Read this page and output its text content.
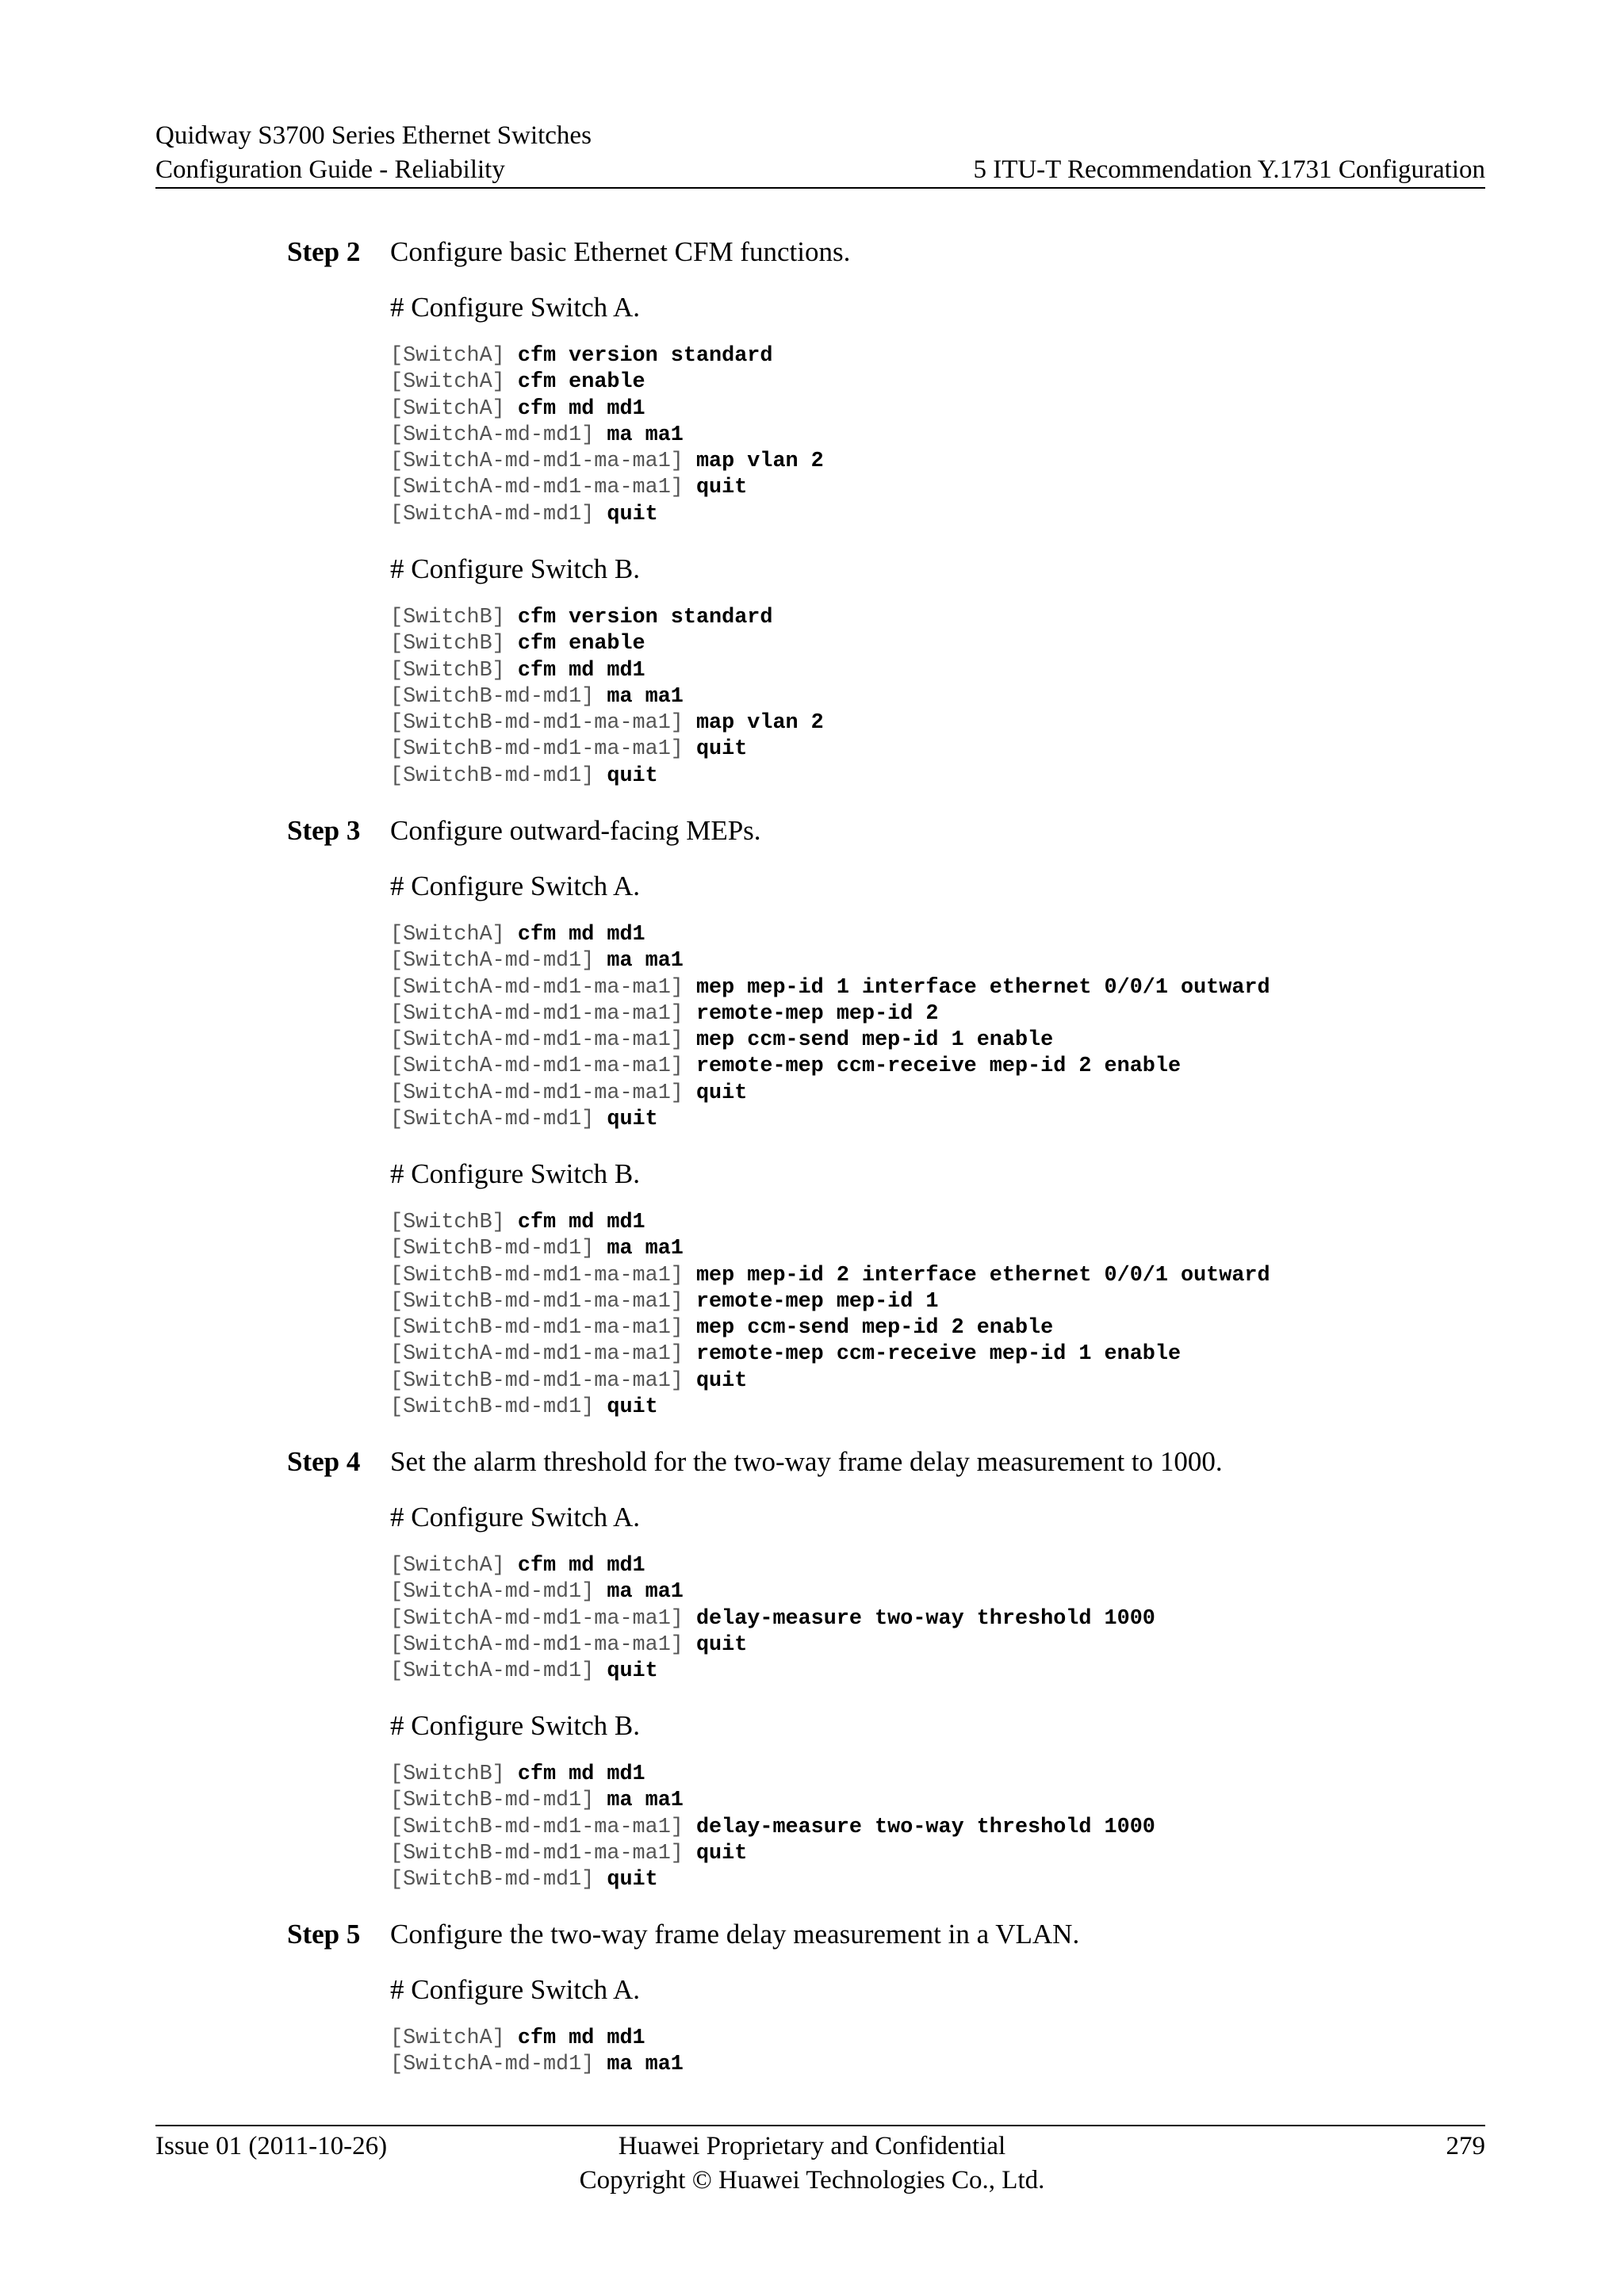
Quidway S3700 Series Ethernet Switches
Configuration Guide - Reliability	5 ITU-T Recommendation Y.1731 Configuration
Step 2 Configure basic Ethernet CFM functions.
# Configure Switch A.
[SwitchA] cfm version standard
[SwitchA] cfm enable
[SwitchA] cfm md md1
[SwitchA-md-md1] ma ma1
[SwitchA-md-md1-ma-ma1] map vlan 2
[SwitchA-md-md1-ma-ma1] quit
[SwitchA-md-md1] quit
# Configure Switch B.
[SwitchB] cfm version standard
[SwitchB] cfm enable
[SwitchB] cfm md md1
[SwitchB-md-md1] ma ma1
[SwitchB-md-md1-ma-ma1] map vlan 2
[SwitchB-md-md1-ma-ma1] quit
[SwitchB-md-md1] quit
Step 3 Configure outward-facing MEPs.
# Configure Switch A.
[SwitchA] cfm md md1
[SwitchA-md-md1] ma ma1
[SwitchA-md-md1-ma-ma1] mep mep-id 1 interface ethernet 0/0/1 outward
[SwitchA-md-md1-ma-ma1] remote-mep mep-id 2
[SwitchA-md-md1-ma-ma1] mep ccm-send mep-id 1 enable
[SwitchA-md-md1-ma-ma1] remote-mep ccm-receive mep-id 2 enable
[SwitchA-md-md1-ma-ma1] quit
[SwitchA-md-md1] quit
# Configure Switch B.
[SwitchB] cfm md md1
[SwitchB-md-md1] ma ma1
[SwitchB-md-md1-ma-ma1] mep mep-id 2 interface ethernet 0/0/1 outward
[SwitchB-md-md1-ma-ma1] remote-mep mep-id 1
[SwitchB-md-md1-ma-ma1] mep ccm-send mep-id 2 enable
[SwitchA-md-md1-ma-ma1] remote-mep ccm-receive mep-id 1 enable
[SwitchB-md-md1-ma-ma1] quit
[SwitchB-md-md1] quit
Step 4 Set the alarm threshold for the two-way frame delay measurement to 1000.
# Configure Switch A.
[SwitchA] cfm md md1
[SwitchA-md-md1] ma ma1
[SwitchA-md-md1-ma-ma1] delay-measure two-way threshold 1000
[SwitchA-md-md1-ma-ma1] quit
[SwitchA-md-md1] quit
# Configure Switch B.
[SwitchB] cfm md md1
[SwitchB-md-md1] ma ma1
[SwitchB-md-md1-ma-ma1] delay-measure two-way threshold 1000
[SwitchB-md-md1-ma-ma1] quit
[SwitchB-md-md1] quit
Step 5 Configure the two-way frame delay measurement in a VLAN.
# Configure Switch A.
[SwitchA] cfm md md1
[SwitchA-md-md1] ma ma1
Issue 01 (2011-10-26)	Huawei Proprietary and Confidential
Copyright © Huawei Technologies Co., Ltd.
279
